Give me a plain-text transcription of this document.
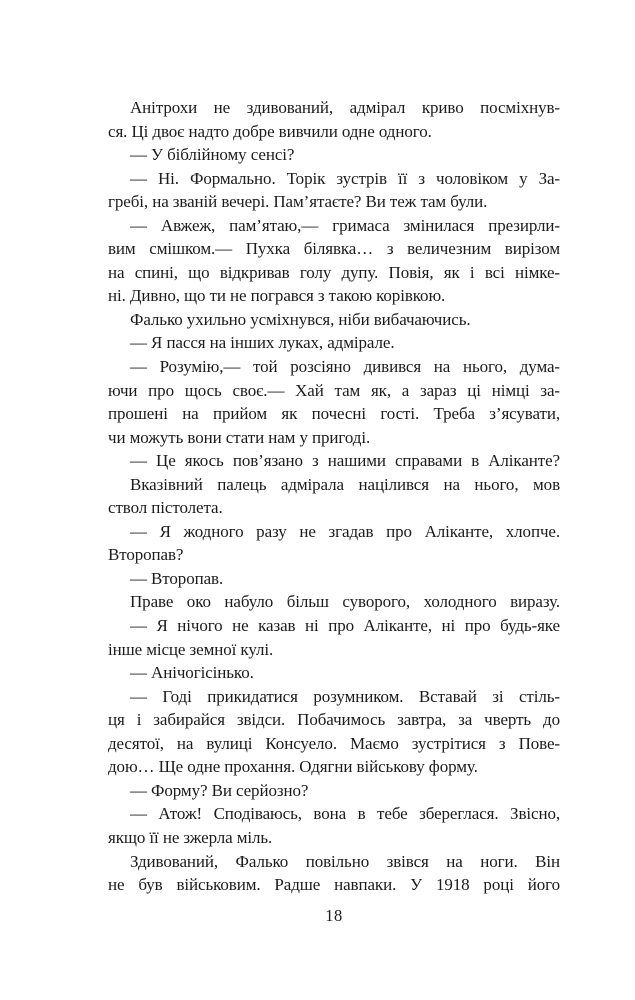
Анітрохи не здивований, адмірал криво посміхнув-
ся. Ці двоє надто добре вивчили одне одного.
— У біблійному сенсі?
— Ні. Формально. Торік зустрів її з чоловіком у За-
гребі, на званій вечері. Пам’ятаєте? Ви теж там були.
— Авжеж, пам’ятаю,— гримаса змінилася презирли-
вим смішком.— Пухка білявка… з величезним вирізом
на спині, що відкривав голу дупу. Повія, як і всі німке-
ні. Дивно, що ти не погрався з такою корівкою.
Фалько ухильно усміхнувся, ніби вибачаючись.
— Я пасся на інших луках, адмірале.
— Розумію,— той розсіяно дивився на нього, дума-
ючи про щось своє.— Хай там як, а зараз ці німці за-
прошені на прийом як почесні гості. Треба з’ясувати,
чи можуть вони стати нам у пригоді.
— Це якось пов’язано з нашими справами в Аліканте?
Вказівний палець адмірала націлився на нього, мов
ствол пістолета.
— Я жодного разу не згадав про Аліканте, хлопче.
Второпав?
— Второпав.
Праве око набуло більш суворого, холодного виразу.
— Я нічого не казав ні про Аліканте, ні про будь-яке
інше місце земної кулі.
— Анічогісінько.
— Годі прикидатися розумником. Вставай зі стіль-
ця і забирайся звідси. Побачимось завтра, за чверть до
десятої, на вулиці Консуело. Маємо зустрітися з Пове-
дою… Ще одне прохання. Одягни військову форму.
— Форму? Ви серйозно?
— Атож! Сподіваюсь, вона в тебе збереглася. Звісно,
якщо її не зжерла міль.
Здивований, Фалько повільно звівся на ноги. Він
не був військовим. Радше навпаки. У 1918 році його
18
